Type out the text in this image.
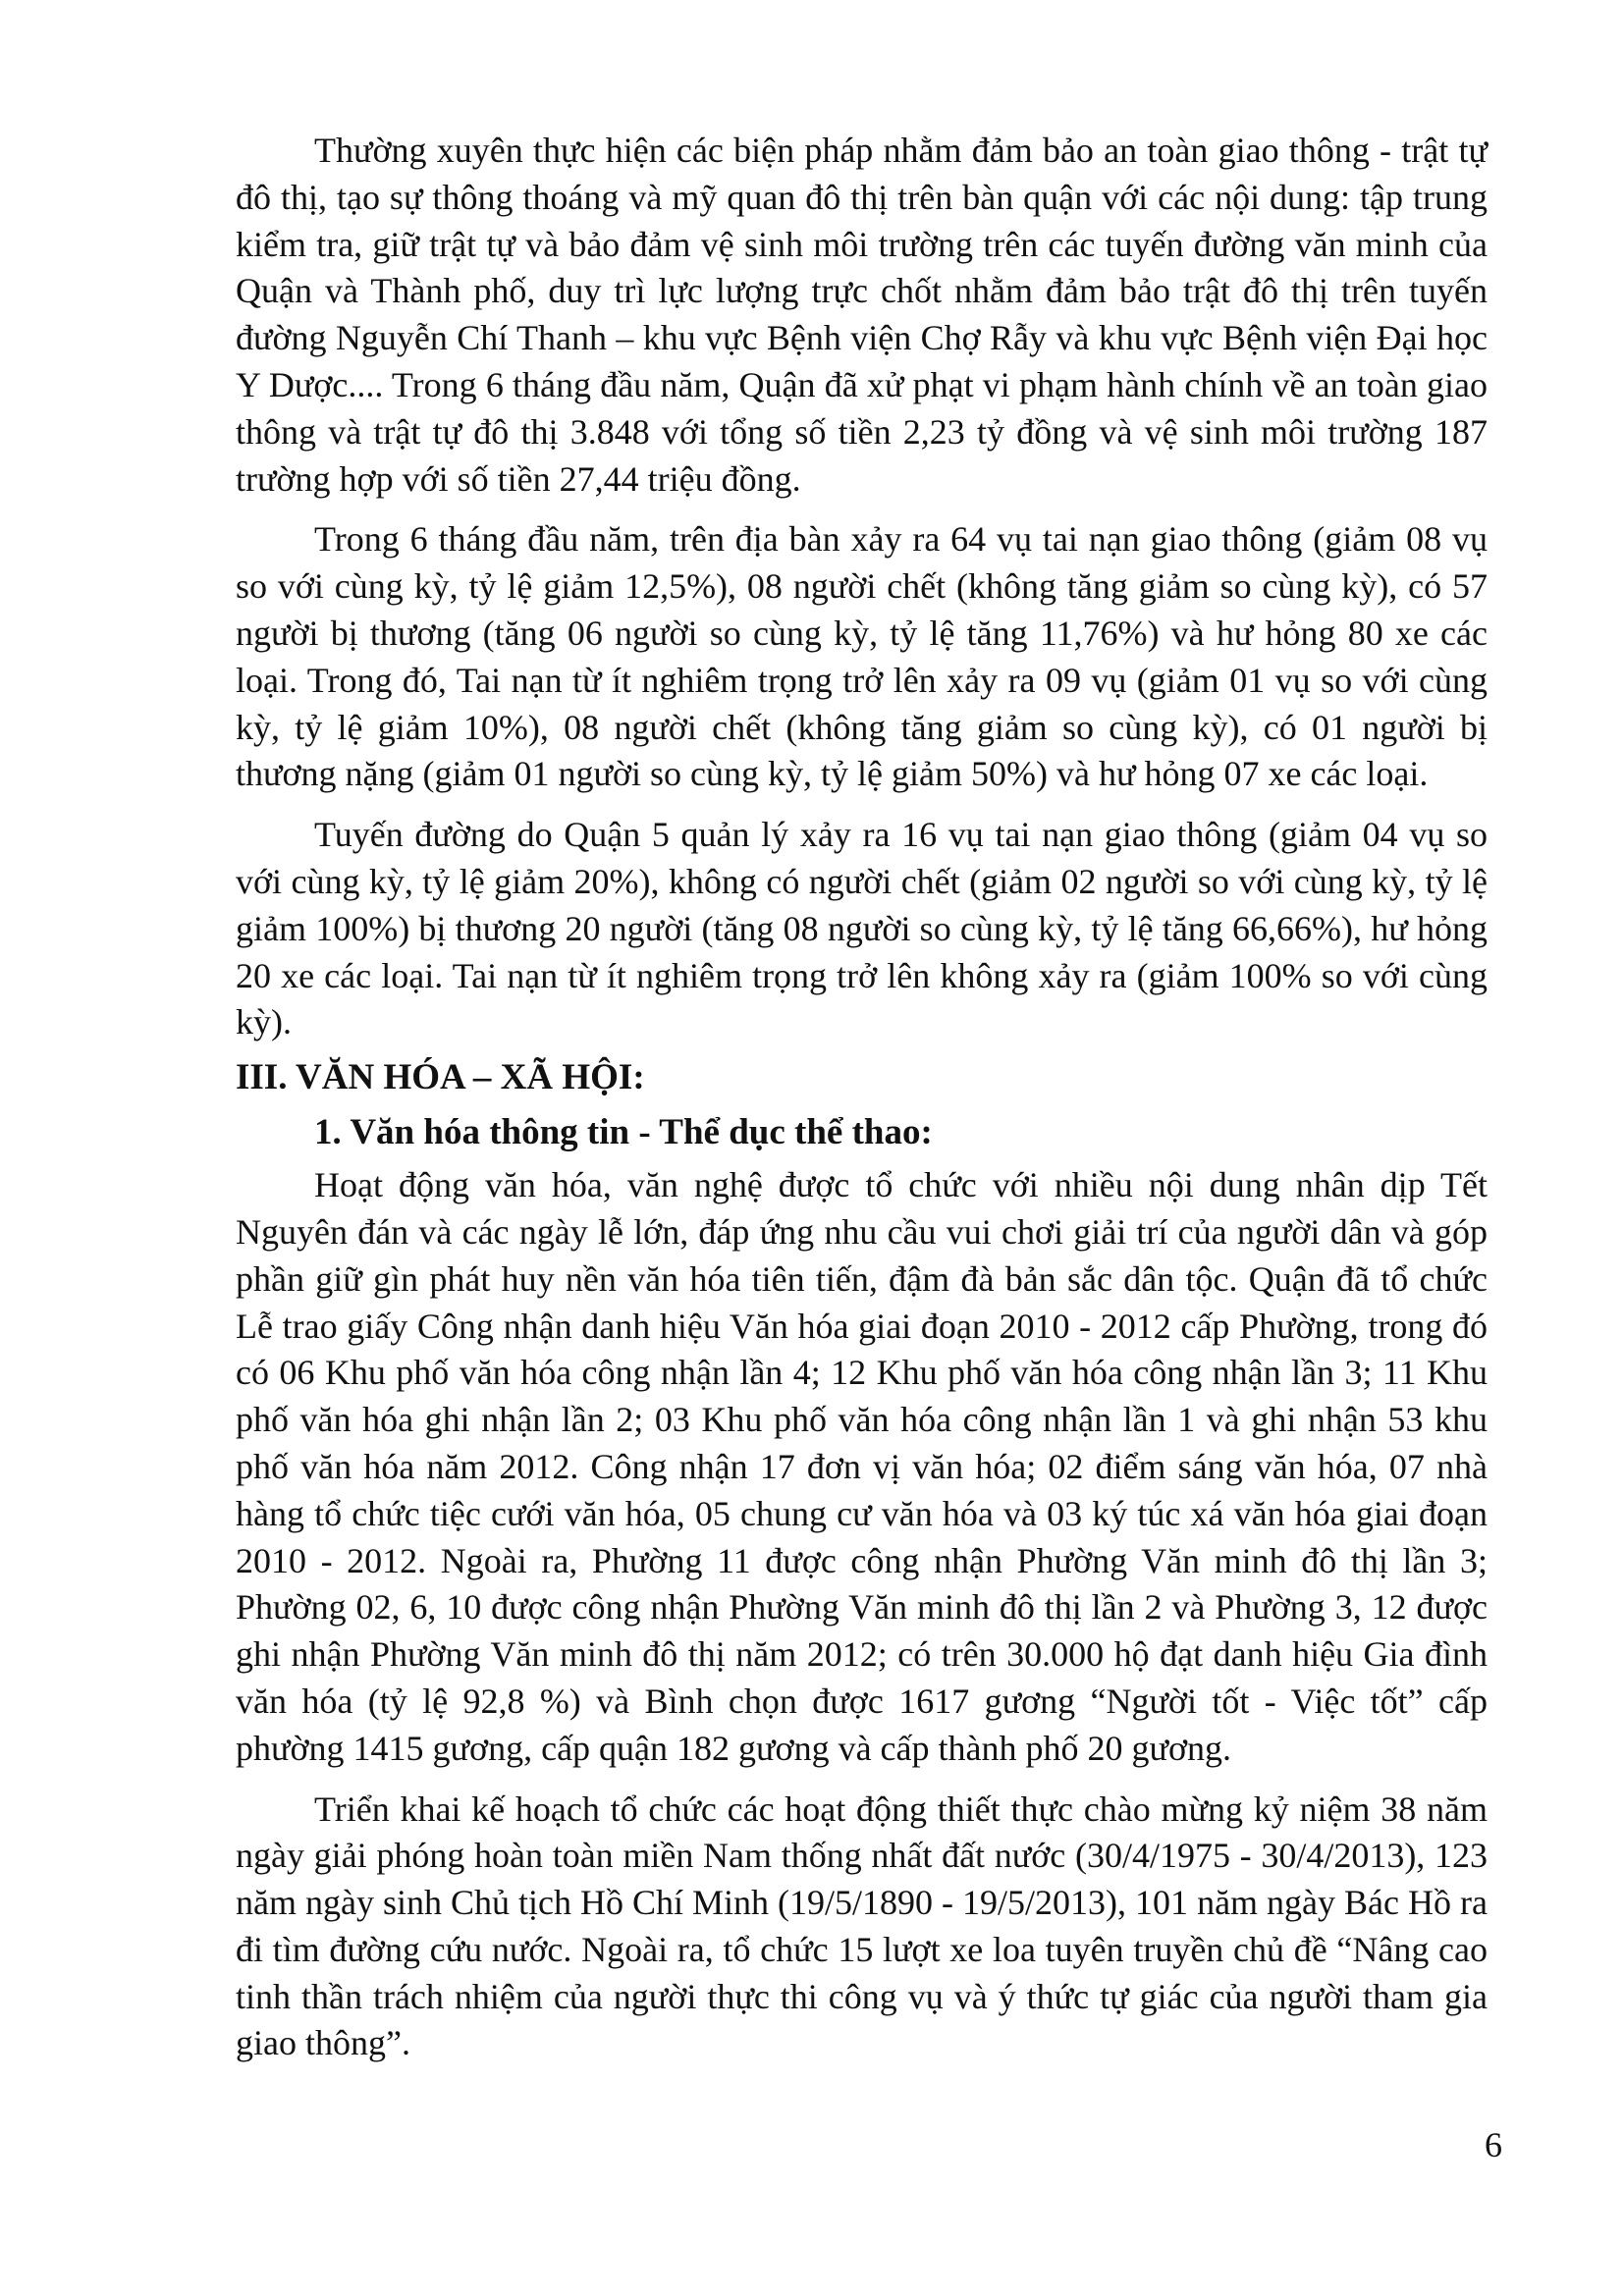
Thường xuyên thực hiện các biện pháp nhằm đảm bảo an toàn giao thông - trật tự đô thị, tạo sự thông thoáng và mỹ quan đô thị trên bàn quận với các nội dung: tập trung kiểm tra, giữ trật tự và bảo đảm vệ sinh môi trường trên các tuyến đường văn minh của Quận và Thành phố, duy trì lực lượng trực chốt nhằm đảm bảo trật đô thị trên tuyến đường Nguyễn Chí Thanh – khu vực Bệnh viện Chợ Rẫy và khu vực Bệnh viện Đại học Y Dược.... Trong 6 tháng đầu năm, Quận đã xử phạt vi phạm hành chính về an toàn giao thông và trật tự đô thị 3.848 với tổng số tiền 2,23 tỷ đồng và vệ sinh môi trường 187 trường hợp với số tiền 27,44 triệu đồng.

Trong 6 tháng đầu năm, trên địa bàn xảy ra 64 vụ tai nạn giao thông (giảm 08 vụ so với cùng kỳ, tỷ lệ giảm 12,5%), 08 người chết (không tăng giảm so cùng kỳ), có 57 người bị thương (tăng 06 người so cùng kỳ, tỷ lệ tăng 11,76%) và hư hỏng 80 xe các loại. Trong đó, Tai nạn từ ít nghiêm trọng trở lên xảy ra 09 vụ (giảm 01 vụ so với cùng kỳ, tỷ lệ giảm 10%), 08 người chết (không tăng giảm so cùng kỳ), có 01 người bị thương nặng (giảm 01 người so cùng kỳ, tỷ lệ giảm 50%) và hư hỏng 07 xe các loại.

Tuyến đường do Quận 5 quản lý xảy ra 16 vụ tai nạn giao thông (giảm 04 vụ so với cùng kỳ, tỷ lệ giảm 20%), không có người chết (giảm 02 người so với cùng kỳ, tỷ lệ giảm 100%) bị thương 20 người (tăng 08 người so cùng kỳ, tỷ lệ tăng 66,66%), hư hỏng 20 xe các loại. Tai nạn từ ít nghiêm trọng trở lên không xảy ra (giảm 100% so với cùng kỳ).

III. VĂN HÓA – XÃ HỘI:
1. Văn hóa thông tin - Thể dục thể thao:

Hoạt động văn hóa, văn nghệ được tổ chức với nhiều nội dung nhân dịp Tết Nguyên đán và các ngày lễ lớn, đáp ứng nhu cầu vui chơi giải trí của người dân và góp phần giữ gìn phát huy nền văn hóa tiên tiến, đậm đà bản sắc dân tộc. Quận đã tổ chức Lễ trao giấy Công nhận danh hiệu Văn hóa giai đoạn 2010 - 2012 cấp Phường, trong đó có 06 Khu phố văn hóa công nhận lần 4; 12 Khu phố văn hóa công nhận lần 3; 11 Khu phố văn hóa ghi nhận lần 2; 03 Khu phố văn hóa công nhận lần 1 và ghi nhận 53 khu phố văn hóa năm 2012. Công nhận 17 đơn vị văn hóa; 02 điểm sáng văn hóa, 07 nhà hàng tổ chức tiệc cưới văn hóa, 05 chung cư văn hóa và 03 ký túc xá văn hóa giai đoạn 2010 - 2012. Ngoài ra, Phường 11 được công nhận Phường Văn minh đô thị lần 3; Phường 02, 6, 10 được công nhận Phường Văn minh đô thị lần 2 và Phường 3, 12 được ghi nhận Phường Văn minh đô thị năm 2012; có trên 30.000 hộ đạt danh hiệu Gia đình văn hóa (tỷ lệ 92,8 %) và Bình chọn được 1617 gương “Người tốt - Việc tốt” cấp phường 1415 gương, cấp quận 182 gương và cấp thành phố 20 gương.

Triển khai kế hoạch tổ chức các hoạt động thiết thực chào mừng kỷ niệm 38 năm ngày giải phóng hoàn toàn miền Nam thống nhất đất nước (30/4/1975 - 30/4/2013), 123 năm ngày sinh Chủ tịch Hồ Chí Minh (19/5/1890 - 19/5/2013), 101 năm ngày Bác Hồ ra đi tìm đường cứu nước. Ngoài ra, tổ chức 15 lượt xe loa tuyên truyền chủ đề “Nâng cao tinh thần trách nhiệm của người thực thi công vụ và ý thức tự giác của người tham gia giao thông”.

6
